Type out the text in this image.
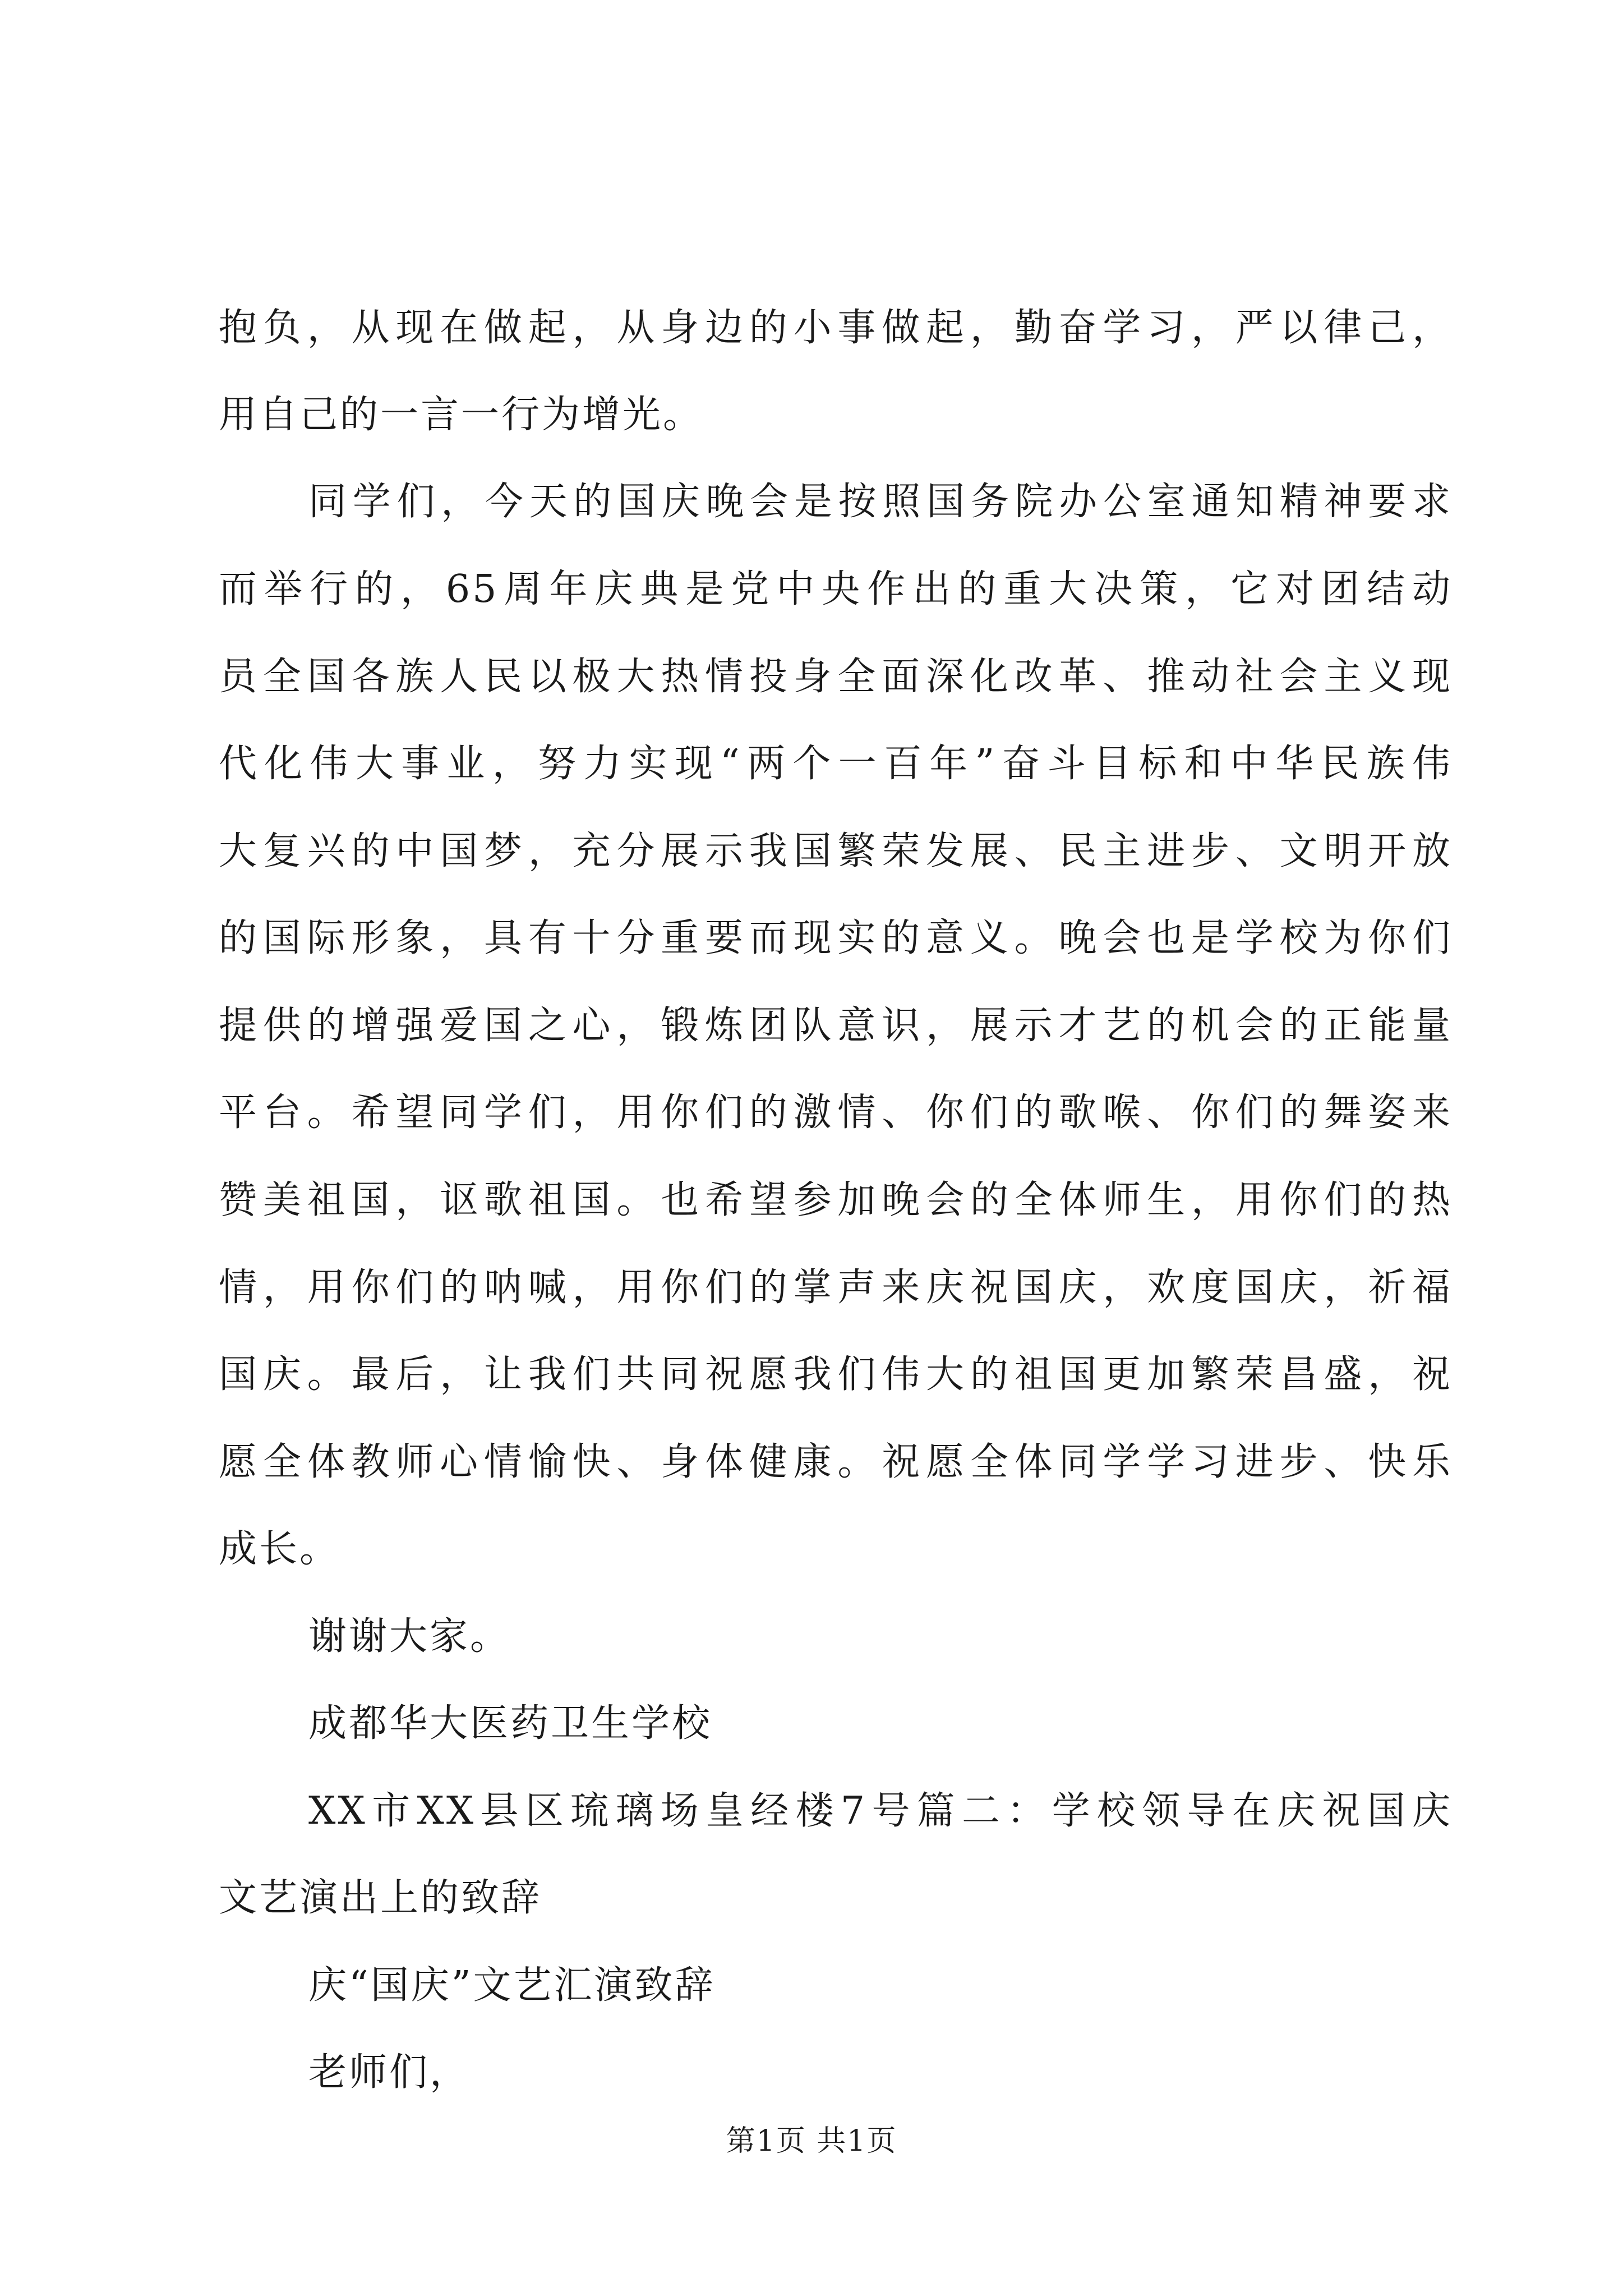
抱负，从现在做起，从身边的小事做起，勤奋学习，严以律己，
用自己的一言一行为增光。
同学们，今天的国庆晚会是按照国务院办公室通知精神要求
而举行的，65周年庆典是党中央作出的重大决策，它对团结动
员全国各族人民以极大热情投身全面深化改革、推动社会主义现
代化伟大事业，努力实现“两个一百年”奋斗目标和中华民族伟
大复兴的中国梦，充分展示我国繁荣发展、民主进步、文明开放
的国际形象，具有十分重要而现实的意义。晚会也是学校为你们
提供的增强爱国之心，锻炼团队意识，展示才艺的机会的正能量
平台。希望同学们，用你们的激情、你们的歌喉、你们的舞姿来
赞美祖国，讴歌祖国。也希望参加晚会的全体师生，用你们的热
情，用你们的呐喊，用你们的掌声来庆祝国庆，欢度国庆，祈福
国庆。最后，让我们共同祝愿我们伟大的祖国更加繁荣昌盛，祝
愿全体教师心情愉快、身体健康。祝愿全体同学学习进步、快乐
成长。
谢谢大家。
成都华大医药卫生学校
XX市XX县区琉璃场皇经楼7号篇二：学校领导在庆祝国庆
文艺演出上的致辞
庆“国庆”文艺汇演致辞
老师们，
第1页 共1页
